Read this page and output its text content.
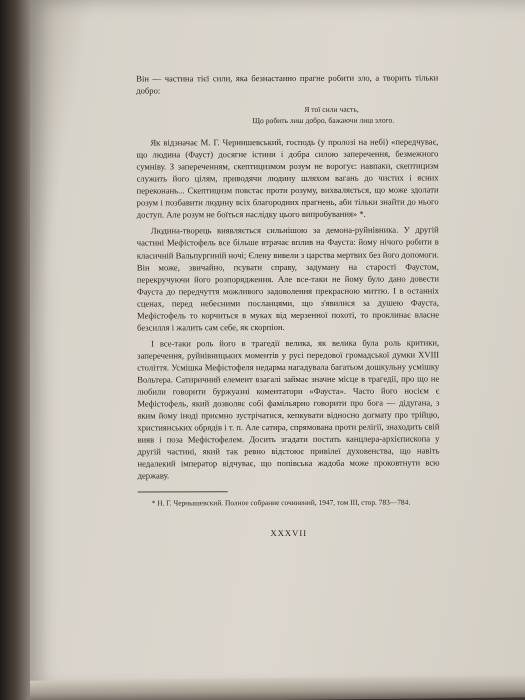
Він — частина тієї сили, яка безнастанно прагне робити зло, а творить тільки добро:

Я тої сили часть,
Що робить лиш добро, бажаючи лиш злого.

Як відзначає М. Г. Чернишевський, господь (у пролозі на небі) «передчуває, що людина (Фауст) досягне істини і добра силою заперечення, безмежного сумніву. З запереченням, скептицизмом розум не ворогує: навпаки, скептицизм служить його цілям, приводячи людину шляхом вагань до чистих і ясних переконань... Скептицизм повстає проти розуму, вихваляється, що може здолати розум і позбавити людину всіх благородних прагнень, аби тільки знайти до нього доступ. Але розум не боїться наслідку цього випробування» *.

Людина-творець виявляється сильнішою за демона-руйнівника. У другій частині Мефістофель все більше втрачає вплив на Фауста: йому нічого робити в класичній Вальпургиній ночі; Єлену вивели з царства мертвих без його допомоги. Він може, звичайно, псувати справу, задуману на старості Фаустом, перекручуючи його розпорядження. Але все-таки не йому було дано довести Фауста до передчуття можливого задоволення прекрасною миттю. І в останніх сценах, перед небесними посланцями, що з'явилися за душею Фауста, Мефістофель то корчиться в муках від мерзенної похоті, то проклинає власне безсилля і жалить сам себе, як скорпіон.

І все-таки роль його в трагедії велика, як велика була роль критики, заперечення, руйнівницьких моментів у русі передової громадської думки XVIII століття. Усмішка Мефістофеля недарма нагадувала багатьом дошкульну усмішку Вольтера. Сатиричний елемент взагалі займає значне місце в трагедії, про що не любили говорити буржуазні коментатори «Фауста». Часто його носієм є Мефістофель, який дозволяє собі фамільярно говорити про бога — дідугана, з яким йому іноді приємно зустрічатися, кепкувати відносно догмату про трійцю, християнських обрядів і т. п. Але сатира, спрямована проти релігії, знаходить свій вияв і поза Мефістофелем. Досить згадати постать канцлера-архієпископа у другій частині, який так ревно відстоює привілеї духовенства, що навіть недалекий імператор відчуває, що попівська жадоба може проковтнути всю державу.

* Н. Г. Чернышевский. Полное собрание сочинений, 1947, том III, стор. 783—784.

XXXVII
